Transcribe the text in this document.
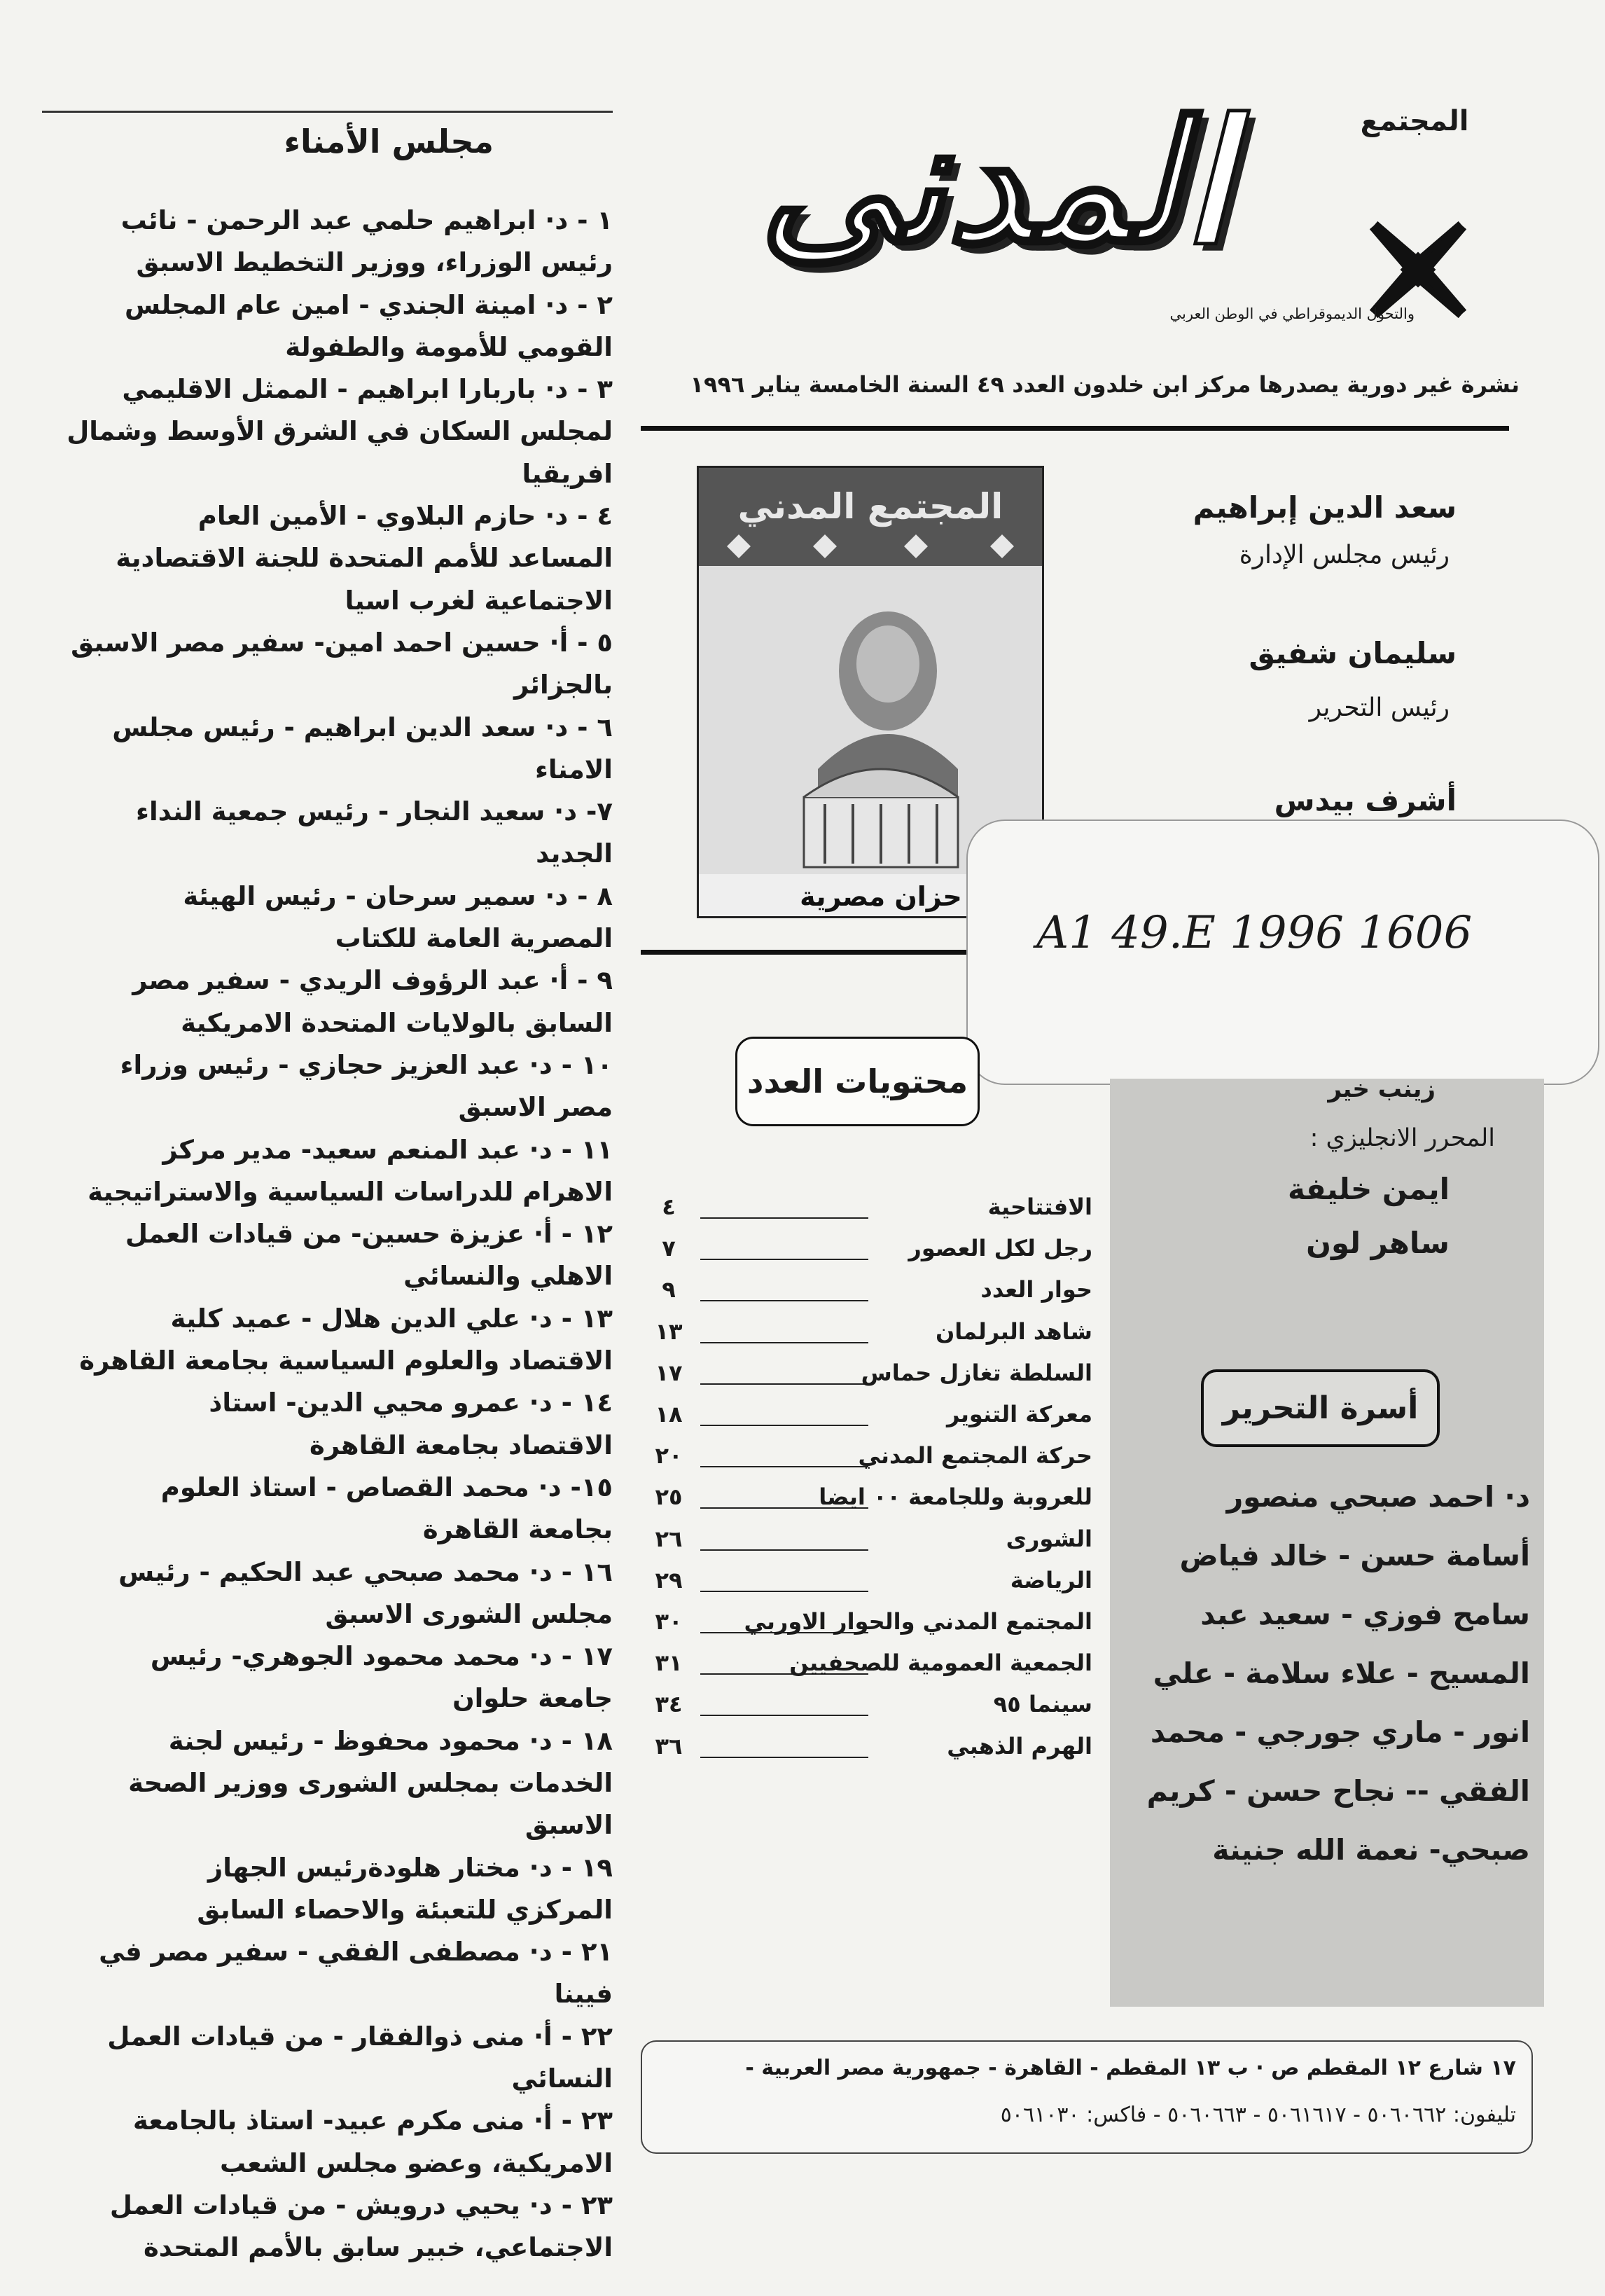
مجلس الأمناء
١ - د· ابراهيم حلمي عبد الرحمن - نائب
رئيس الوزراء، ووزير التخطيط الاسبق
٢ - د· امينة الجندي - امين عام المجلس
القومي للأمومة والطفولة
٣ - د· باربارا ابراهيم - الممثل الاقليمي
لمجلس السكان في الشرق الأوسط وشمال
افريقيا
٤ - د· حازم البلاوي - الأمين العام
المساعد للأمم المتحدة للجنة الاقتصادية
الاجتماعية لغرب اسيا
٥ - أ· حسين احمد امين- سفير مصر الاسبق
بالجزائر
٦ - د· سعد الدين ابراهيم - رئيس مجلس
الامناء
٧- د· سعيد النجار - رئيس جمعية النداء
الجديد
٨ - د· سمير سرحان - رئيس الهيئة
المصرية العامة للكتاب
٩ - أ· عبد الرؤوف الريدي - سفير مصر
السابق بالولايات المتحدة الامريكية
١٠ - د· عبد العزيز حجازي - رئيس وزراء
مصر الاسبق
١١ - د· عبد المنعم سعيد- مدير مركز
الاهرام للدراسات السياسية والاستراتيجية
١٢ - أ· عزيزة حسين- من قيادات العمل
الاهلي والنسائي
١٣ - د· علي الدين هلال - عميد كلية
الاقتصاد والعلوم السياسية بجامعة القاهرة
١٤ - د· عمرو محيي الدين- استاذ
الاقتصاد بجامعة القاهرة
١٥- د· محمد القصاص - استاذ العلوم
بجامعة القاهرة
١٦ - د· محمد صبحي عبد الحكيم - رئيس
مجلس الشورى الاسبق
١٧ - د· محمد محمود الجوهري- رئيس
جامعة حلوان
١٨ - د· محمود محفوظ - رئيس لجنة
الخدمات بمجلس الشورى ووزير الصحة الاسبق
١٩ - د· مختار هلودةرئيس الجهاز
المركزي للتعبئة والاحصاء السابق
٢١ - د· مصطفى الفقي - سفير مصر في
فيينا
٢٢ - أ· منى ذوالفقار - من قيادات العمل
النسائي
٢٣ - أ· منى مكرم عبيد- استاذ بالجامعة
الامريكية، وعضو مجلس الشعب
٢٣ - د· يحيي درويش - من قيادات العمل
الاجتماعي، خبير سابق بالأمم المتحدة
المجتمع
المدنى
والتحول الديموقراطي في الوطن العربي
نشرة غير دورية يصدرها مركز ابن خلدون العدد ٤٩ السنة الخامسة يناير ١٩٩٦
سعد الدين إبراهيم
رئيس مجلس الإدارة
سليمان شفيق
رئيس التحرير
أشرف بيدس
المجتمع المدني
حزان مصرية
A1 49.E 1996 1606
محتويات العدد
الافتتاحية
٤
رجل لكل العصور
٧
حوار العدد
٩
شاهد البرلمان
١٣
السلطة تغازل حماس
١٧
معركة التنوير
١٨
حركة المجتمع المدني
٢٠
للعروبة وللجامعة ٠٠ ايضا
٢٥
الشورى
٢٦
الرياضة
٢٩
المجتمع المدني والحوار الاوربي
٣٠
الجمعية العمومية للصحفيين
٣١
سينما ٩٥
٣٤
الهرم الذهبي
٣٦
زينب خير
المحرر الانجليزي :
ايمن خليفة
ساهر لون
أسرة التحرير
د· احمد صبحي منصور
أسامة حسن - خالد فياض
سامح فوزي - سعيد عبد
المسيح - علاء سلامة - علي
انور - ماري جورجي - محمد
الفقي -- نجاح حسن - كريم
صبحي- نعمة الله جنينة
١٧ شارع ١٢ المقطم ص · ب ١٣ المقطم - القاهرة - جمهورية مصر العربية -
تليفون: ٥٠٦٠٦٦٢ - ٥٠٦١٦١٧ - ٥٠٦٠٦٦٣ - فاكس: ٥٠٦١٠٣٠
